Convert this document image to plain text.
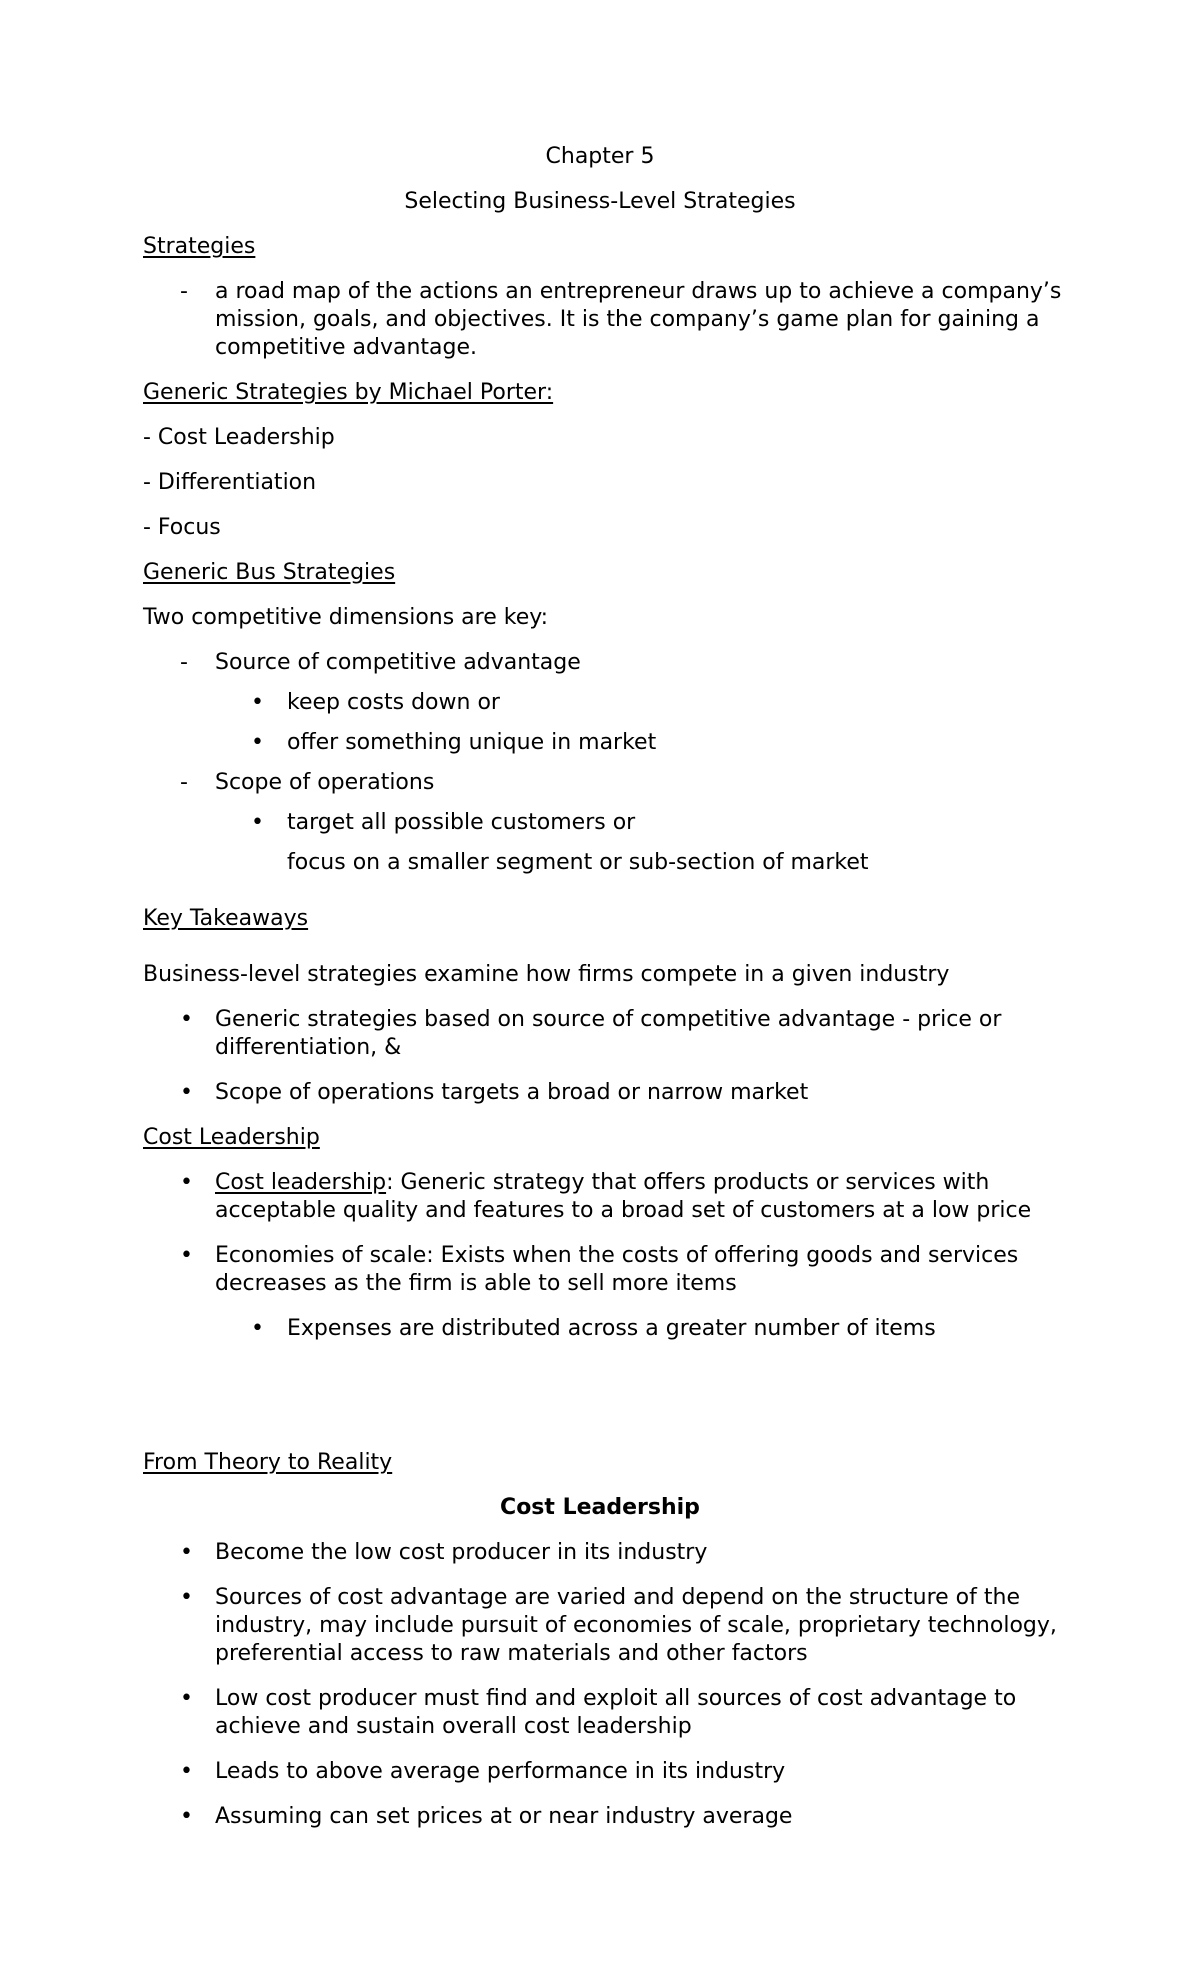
Chapter 5
Selecting Business-Level Strategies
Strategies
- a road map of the actions an entrepreneur draws up to achieve a company’s
mission, goals, and objectives. It is the company’s game plan for gaining a
competitive advantage.
Generic Strategies by Michael Porter:
- Cost Leadership
- Differentiation
- Focus
Generic Bus Strategies
Two competitive dimensions are key:
- Source of competitive advantage
• keep costs down or
• offer something unique in market
- Scope of operations
• target all possible customers or
focus on a smaller segment or sub-section of market
Key Takeaways
Business-level strategies examine how firms compete in a given industry
• Generic strategies based on source of competitive advantage - price or
differentiation, &
• Scope of operations targets a broad or narrow market
Cost Leadership
• Cost leadership: Generic strategy that offers products or services with
acceptable quality and features to a broad set of customers at a low price
• Economies of scale: Exists when the costs of offering goods and services
decreases as the firm is able to sell more items
• Expenses are distributed across a greater number of items
From Theory to Reality
Cost Leadership
• Become the low cost producer in its industry
• Sources of cost advantage are varied and depend on the structure of the
industry, may include pursuit of economies of scale, proprietary technology,
preferential access to raw materials and other factors
• Low cost producer must find and exploit all sources of cost advantage to
achieve and sustain overall cost leadership
• Leads to above average performance in its industry
• Assuming can set prices at or near industry average
